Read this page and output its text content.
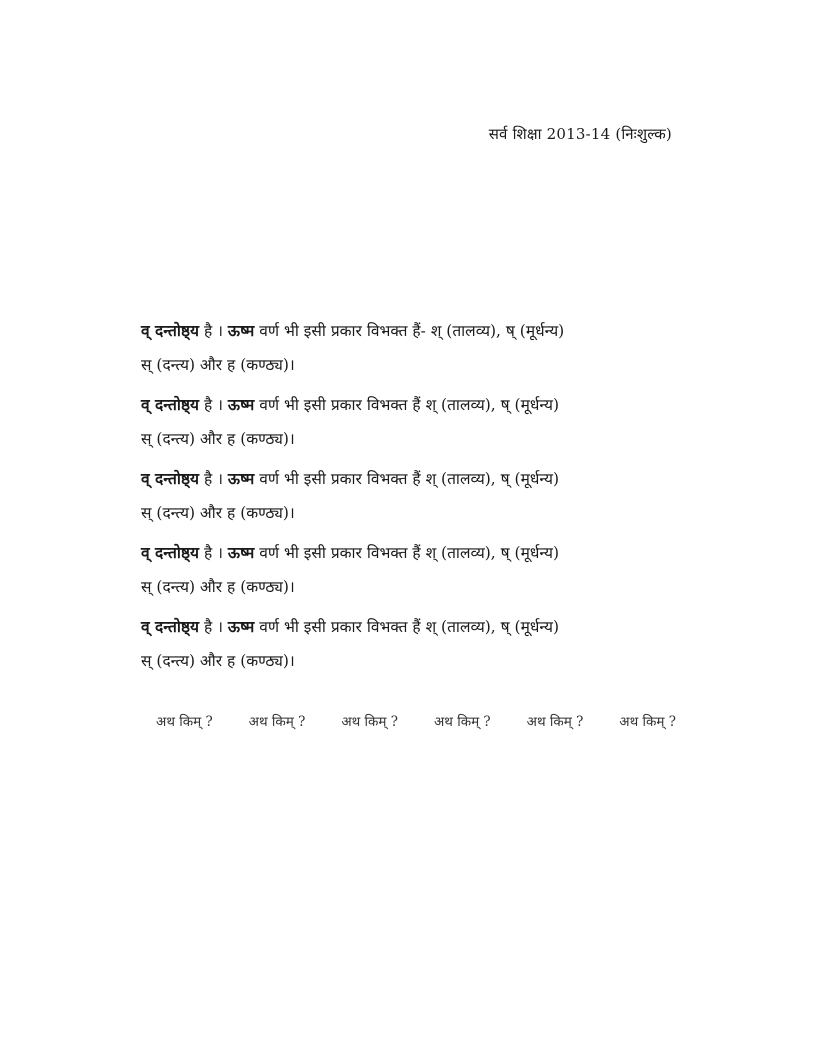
सर्व शिक्षा 2013-14 (निःशुल्क)

व् दन्तोष्ठ्य है । ऊष्म वर्ण भी इसी प्रकार विभक्त हैं- श् (तालव्य), ष् (मूर्धन्य)
स् (दन्त्य) और ह (कण्ठ्य)।

व् दन्तोष्ठ्य है । ऊष्म वर्ण भी इसी प्रकार विभक्त हैं श् (तालव्य), ष् (मूर्धन्य)
स् (दन्त्य) और ह (कण्ठ्य)।

व् दन्तोष्ठ्य है । ऊष्म वर्ण भी इसी प्रकार विभक्त हैं श् (तालव्य), ष् (मूर्धन्य)
स् (दन्त्य) और ह (कण्ठ्य)।

व् दन्तोष्ठ्य है । ऊष्म वर्ण भी इसी प्रकार विभक्त हैं श् (तालव्य), ष् (मूर्धन्य)
स् (दन्त्य) और ह (कण्ठ्य)।

व् दन्तोष्ठ्य है । ऊष्म वर्ण भी इसी प्रकार विभक्त हैं श् (तालव्य), ष् (मूर्धन्य)
स् (दन्त्य) और ह (कण्ठ्य)।

अथ किम् ?	अथ किम् ?	अथ किम् ?	अथ किम् ?	अथ किम् ?	अथ किम् ?
